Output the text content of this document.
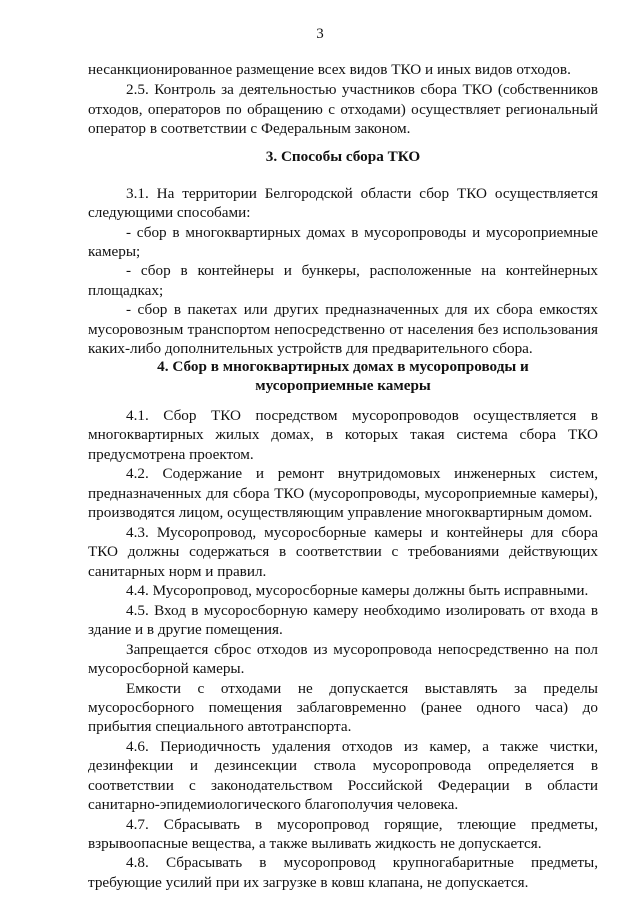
3
несанкционированное размещение всех видов ТКО и иных видов отходов.
2.5. Контроль за деятельностью участников сбора ТКО (собственников
отходов, операторов по обращению с отходами) осуществляет региональный
оператор в соответствии с Федеральным законом.
3.1. На территории Белгородской области сбор ТКО осуществляется
следующими способами:
- сбор в многоквартирных домах в мусоропроводы и мусороприемные
камеры;
- сбор в контейнеры и бункеры, расположенные на контейнерных
площадках;
- сбор в пакетах или других предназначенных для их сбора емкостях
мусоровозным транспортом непосредственно от населения без использования
каких-либо дополнительных устройств для предварительного сбора.
4.1. Сбор ТКО посредством мусоропроводов осуществляется в
многоквартирных жилых домах, в которых такая система сбора ТКО
предусмотрена проектом.
4.2. Содержание и ремонт внутридомовых инженерных систем,
предназначенных для сбора ТКО (мусоропроводы, мусороприемные камеры),
производятся лицом, осуществляющим управление многоквартирным домом.
4.3. Мусоропровод, мусоросборные камеры и контейнеры для сбора
ТКО должны содержаться в соответствии с требованиями действующих
санитарных норм и правил.
4.4. Мусоропровод, мусоросборные камеры должны быть исправными.
4.5. Вход в мусоросборную камеру необходимо изолировать от входа в
здание и в другие помещения.
Запрещается сброс отходов из мусоропровода непосредственно на пол
мусоросборной камеры.
Емкости с отходами не допускается выставлять за пределы
мусоросборного помещения заблаговременно (ранее одного часа) до
прибытия специального автотранспорта.
4.6. Периодичность удаления отходов из камер, а также чистки,
дезинфекции и дезинсекции ствола мусоропровода определяется в
соответствии с законодательством Российской Федерации в области
санитарно-эпидемиологического благополучия человека.
4.7. Сбрасывать в мусоропровод горящие, тлеющие предметы,
взрывоопасные вещества, а также выливать жидкость не допускается.
4.8. Сбрасывать в мусоропровод крупногабаритные предметы,
требующие усилий при их загрузке в ковш клапана, не допускается.
3. Способы сбора ТКО
4. Сбор в многоквартирных домах в мусоропроводы и
мусороприемные камеры
